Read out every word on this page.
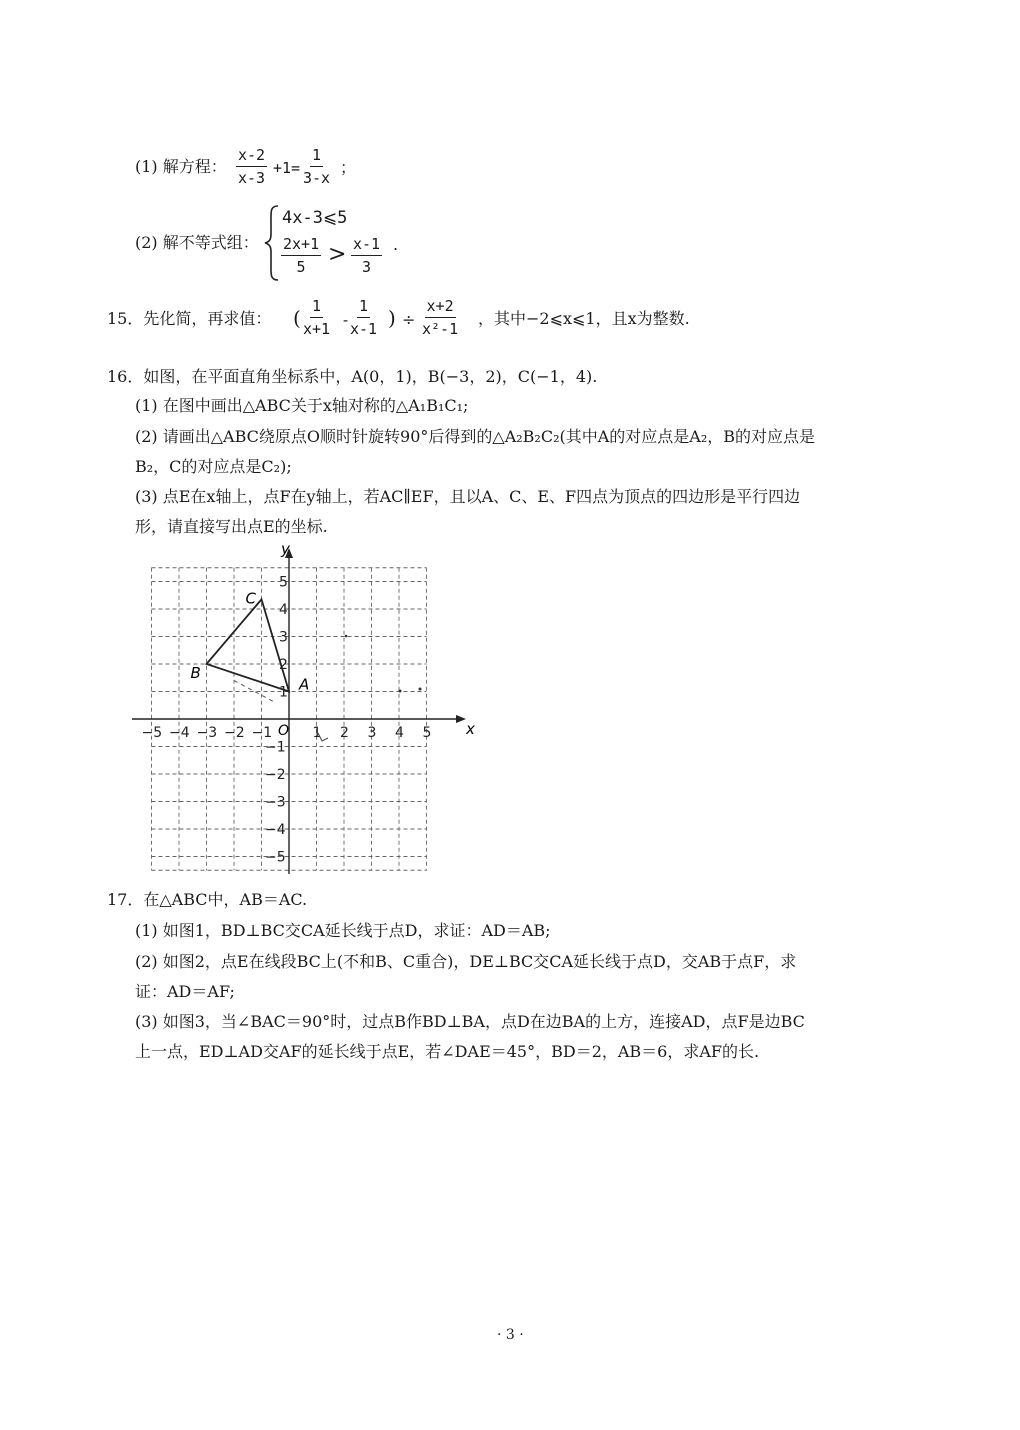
(1) 解方程： $\frac{x-2}{x-3} +1= \frac{1}{3-x}$ ；
(2) 解不等式组：
4x-3⩽5
$\frac{2x+1}{5} > \frac{x-1}{3}$ .
15．先化简，再求值： ( $\frac{1}{x+1} - \frac{1}{x-1}$ ) ÷ $\frac{x+2}{\text{x²-1}}$ ，其中−2⩽x⩽1，且x为整数.
16．如图，在平面直角坐标系中，A(0，1)，B(−3，2)，C(−1，4).
(1) 在图中画出△ABC关于x轴对称的△A₁B₁C₁;
(2) 请画出△ABC绕原点O顺时针旋转90°后得到的△A₂B₂C₂(其中A的对应点是A₂，B的对应点是
B₂，C的对应点是C₂);
(3) 点E在x轴上，点F在y轴上，若AC∥EF，且以A、C、E、F四点为顶点的四边形是平行四边
形，请直接写出点E的坐标.
x
y
O
−5 −4 −3 −2 −1	1 2 3 4 5
5
4
3
2
1
−1
−2
−3
−4
−5
A
B
C
17．在△ABC中，AB＝AC.
(1) 如图1，BD⊥BC交CA延长线于点D，求证：AD＝AB;
(2) 如图2，点E在线段BC上(不和B、C重合)，DE⊥BC交CA延长线于点D，交AB于点F，求
证：AD＝AF;
(3) 如图3，当∠BAC＝90°时，过点B作BD⊥BA，点D在边BA的上方，连接AD，点F是边BC
上一点，ED⊥AD交AF的延长线于点E，若∠DAE＝45°，BD＝2，AB＝6，求AF的长.
· 3 ·
